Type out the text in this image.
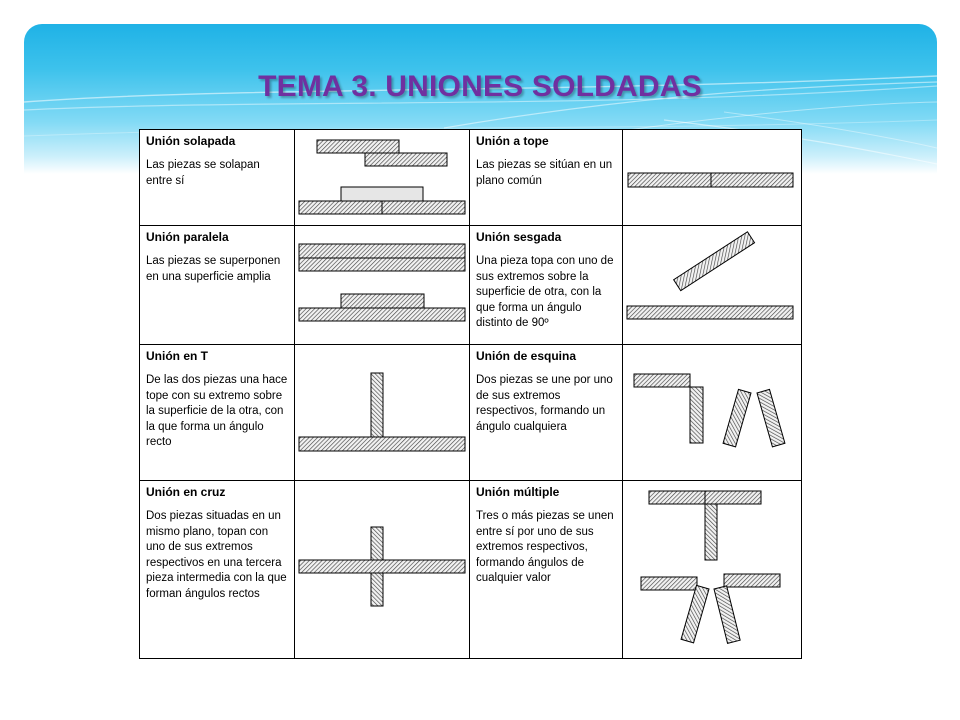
TEMA 3. UNIONES SOLDADAS
Unión solapada
Las piezas se solapan entre sí
Unión a tope
Las piezas se sitúan en un plano común
Unión paralela
Las piezas se superponen en una superficie amplia
Unión sesgada
Una pieza topa con uno de sus extremos sobre la superficie de otra, con la que forma un ángulo distinto de 90º
Unión en T
De las dos piezas una hace tope con su extremo sobre la superficie de la otra, con la que forma un ángulo recto
Unión de esquina
Dos piezas se une por uno de sus extremos respectivos, formando un ángulo cualquiera
Unión en cruz
Dos piezas situadas en un mismo plano, topan con uno de sus extremos respectivos en una tercera pieza intermedia con la que forman ángulos rectos
Unión múltiple
Tres o más piezas se unen entre sí por uno de sus extremos respectivos, formando ángulos de cualquier valor
